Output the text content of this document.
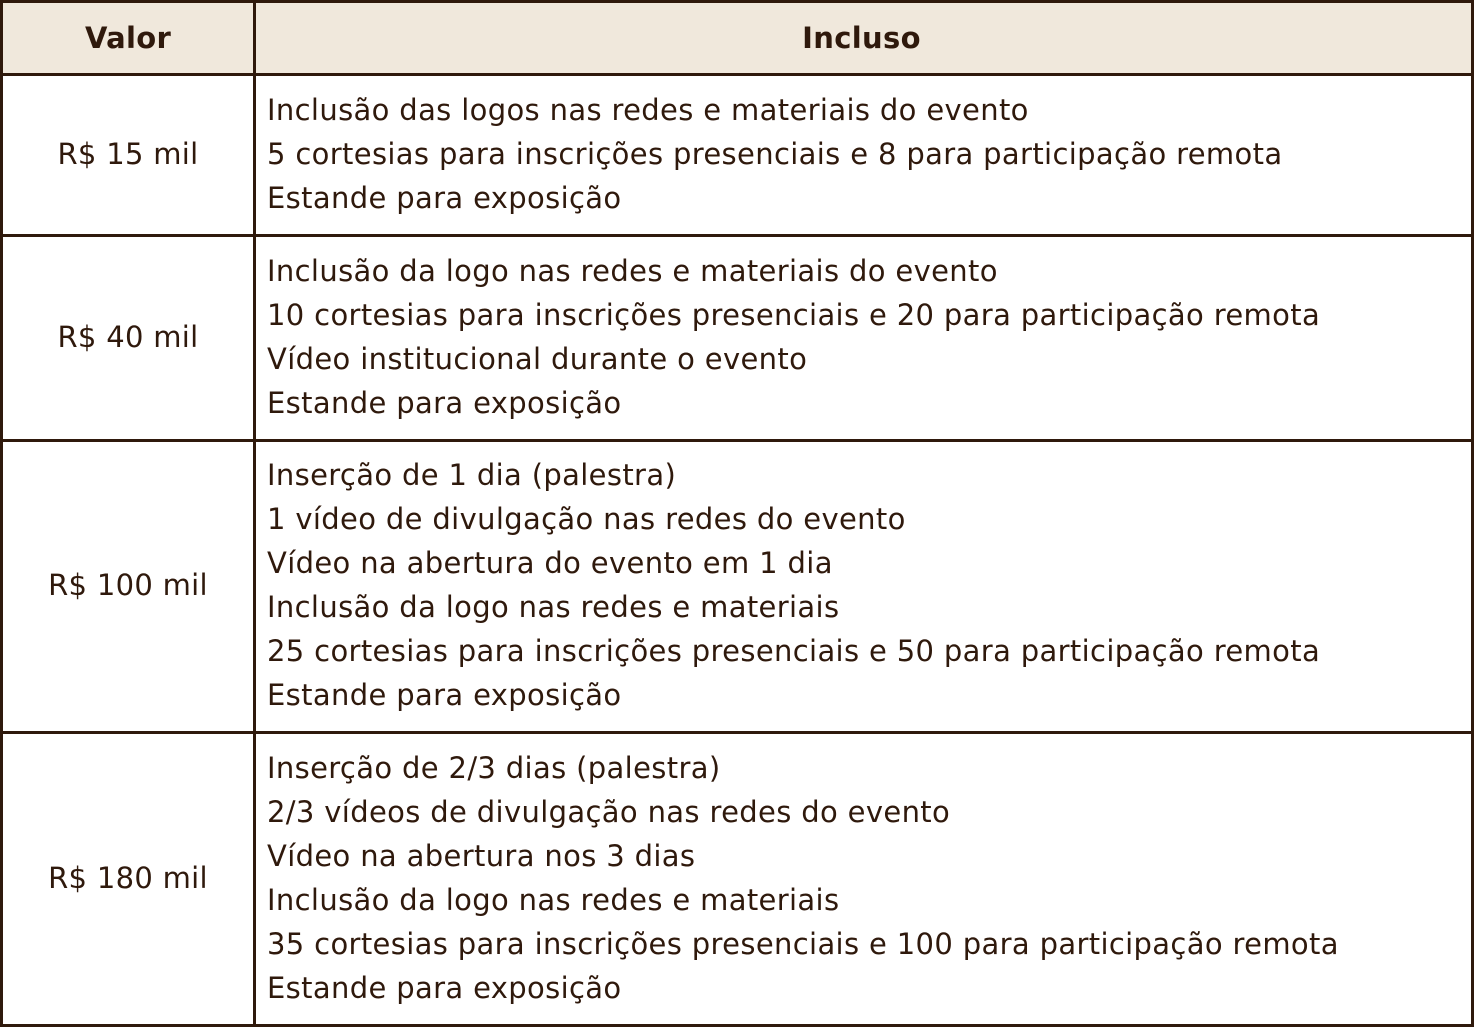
Valor	Incluso
R$ 15 mil
Inclusão das logos nas redes e materiais do evento
5 cortesias para inscrições presenciais e 8 para participação remota
Estande para exposição
R$ 40 mil
Inclusão da logo nas redes e materiais do evento
10 cortesias para inscrições presenciais e 20 para participação remota
Vídeo institucional durante o evento
Estande para exposição
R$ 100 mil
Inserção de 1 dia (palestra)
1 vídeo de divulgação nas redes do evento
Vídeo na abertura do evento em 1 dia
Inclusão da logo nas redes e materiais
25 cortesias para inscrições presenciais e 50 para participação remota
Estande para exposição
R$ 180 mil
Inserção de 2/3 dias (palestra)
2/3 vídeos de divulgação nas redes do evento
Vídeo na abertura nos 3 dias
Inclusão da logo nas redes e materiais
35 cortesias para inscrições presenciais e 100 para participação remota
Estande para exposição
